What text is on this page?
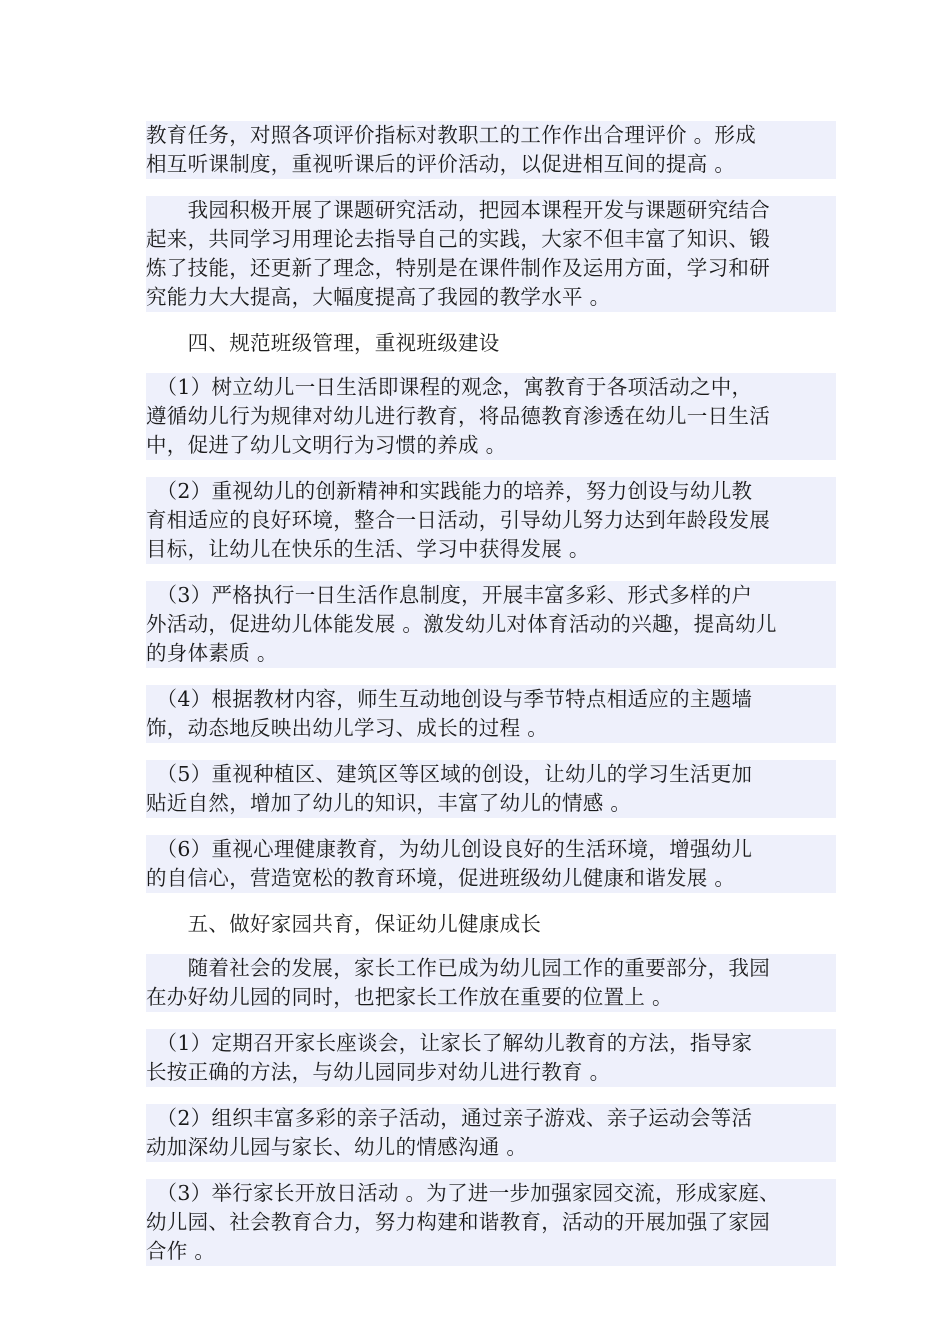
教育任务，对照各项评价指标对教职工的工作作出合理评价 。形成
相互听课制度，重视听课后的评价活动，以促进相互间的提高 。
　　我园积极开展了课题研究活动，把园本课程开发与课题研究结合
起来，共同学习用理论去指导自己的实践，大家不但丰富了知识、锻
炼了技能，还更新了理念，特别是在课件制作及运用方面，学习和研
究能力大大提高，大幅度提高了我园的教学水平 。
　　四、规范班级管理，重视班级建设
　（1）树立幼儿一日生活即课程的观念，寓教育于各项活动之中，
遵循幼儿行为规律对幼儿进行教育，将品德教育渗透在幼儿一日生活
中，促进了幼儿文明行为习惯的养成 。
　（2）重视幼儿的创新精神和实践能力的培养，努力创设与幼儿教
育相适应的良好环境，整合一日活动，引导幼儿努力达到年龄段发展
目标，让幼儿在快乐的生活、学习中获得发展 。
　（3）严格执行一日生活作息制度，开展丰富多彩、形式多样的户
外活动，促进幼儿体能发展 。激发幼儿对体育活动的兴趣，提高幼儿
的身体素质 。
　（4）根据教材内容，师生互动地创设与季节特点相适应的主题墙
饰，动态地反映出幼儿学习、成长的过程 。
　（5）重视种植区、建筑区等区域的创设，让幼儿的学习生活更加
贴近自然，增加了幼儿的知识，丰富了幼儿的情感 。
　（6）重视心理健康教育，为幼儿创设良好的生活环境，增强幼儿
的自信心，营造宽松的教育环境，促进班级幼儿健康和谐发展 。
　　五、做好家园共育，保证幼儿健康成长
　　随着社会的发展，家长工作已成为幼儿园工作的重要部分，我园
在办好幼儿园的同时，也把家长工作放在重要的位置上 。
　（1）定期召开家长座谈会，让家长了解幼儿教育的方法，指导家
长按正确的方法，与幼儿园同步对幼儿进行教育 。
　（2）组织丰富多彩的亲子活动，通过亲子游戏、亲子运动会等活
动加深幼儿园与家长、幼儿的情感沟通 。
　（3）举行家长开放日活动 。为了进一步加强家园交流，形成家庭、
幼儿园、社会教育合力，努力构建和谐教育，活动的开展加强了家园
合作 。
